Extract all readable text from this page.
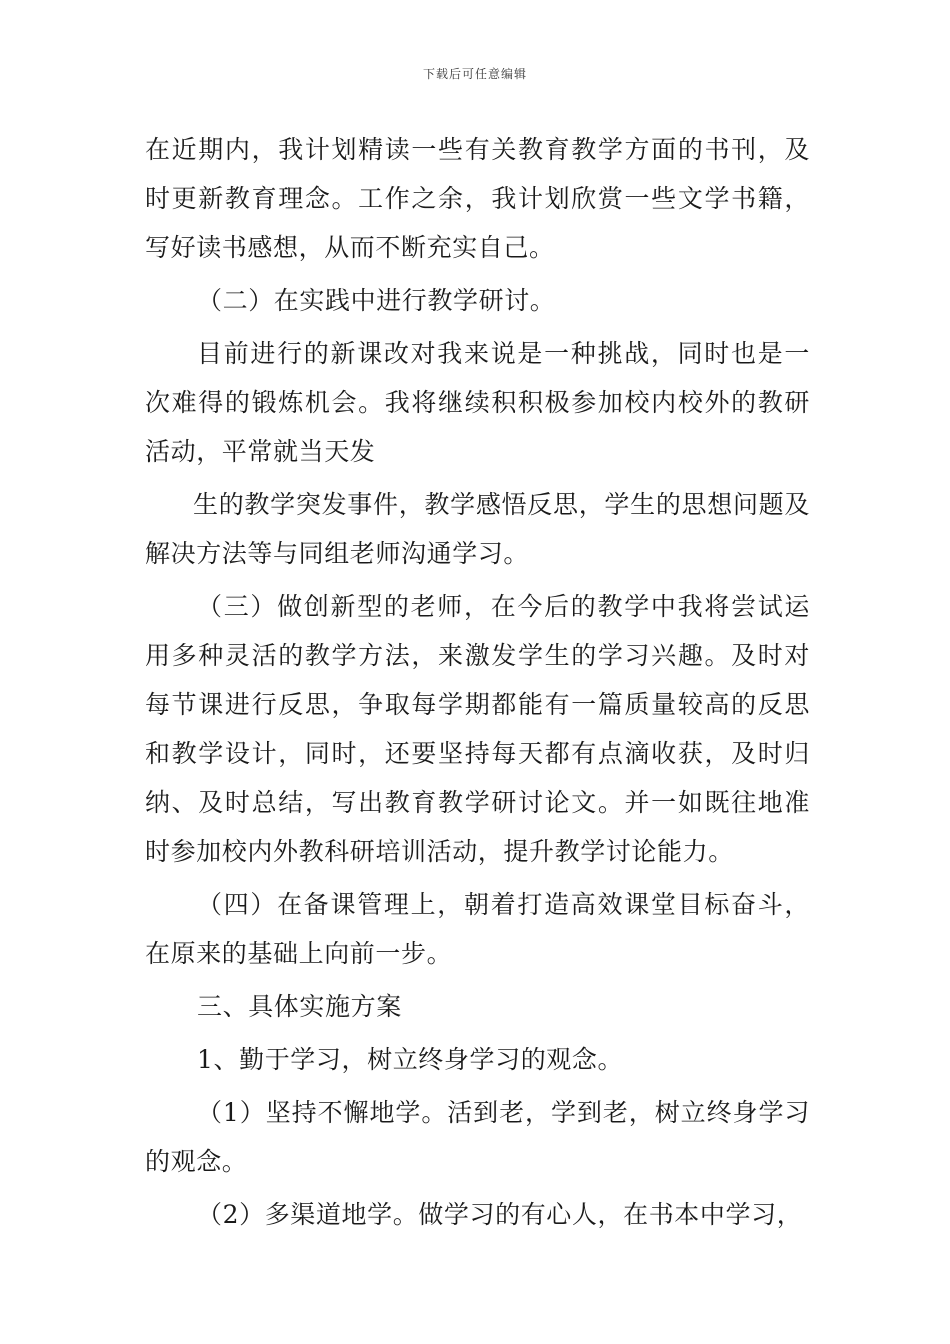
下载后可任意编辑

在近期内，我计划精读一些有关教育教学方面的书刊，及时更新教育理念。工作之余，我计划欣赏一些文学书籍，写好读书感想，从而不断充实自己。

（二）在实践中进行教学研讨。

目前进行的新课改对我来说是一种挑战，同时也是一次难得的锻炼机会。我将继续积积极参加校内校外的教研活动，平常就当天发

生的教学突发事件，教学感悟反思，学生的思想问题及解决方法等与同组老师沟通学习。

（三）做创新型的老师，在今后的教学中我将尝试运用多种灵活的教学方法，来激发学生的学习兴趣。及时对每节课进行反思，争取每学期都能有一篇质量较高的反思和教学设计，同时，还要坚持每天都有点滴收获，及时归纳、及时总结，写出教育教学研讨论文。并一如既往地准时参加校内外教科研培训活动，提升教学讨论能力。

（四）在备课管理上，朝着打造高效课堂目标奋斗，在原来的基础上向前一步。

三、具体实施方案

1、勤于学习，树立终身学习的观念。

（1）坚持不懈地学。活到老，学到老，树立终身学习的观念。

（2）多渠道地学。做学习的有心人，在书本中学习，
